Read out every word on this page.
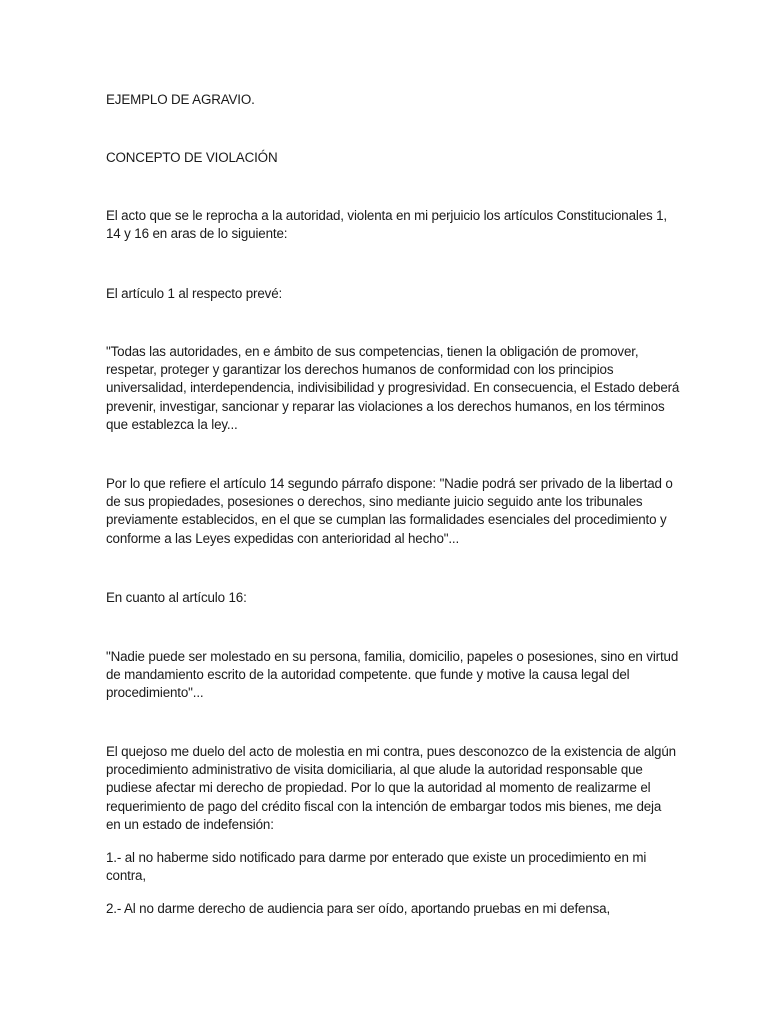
EJEMPLO DE AGRAVIO.

CONCEPTO DE VIOLACIÓN

El acto que se le reprocha a la autoridad, violenta en mi perjuicio los artículos Constitucionales 1,
14 y 16 en aras de lo siguiente:

El artículo 1 al respecto prevé:

"Todas las autoridades, en e ámbito de sus competencias, tienen la obligación de promover,
respetar, proteger y garantizar los derechos humanos de conformidad con los principios
universalidad, interdependencia, indivisibilidad y progresividad. En consecuencia, el Estado deberá
prevenir, investigar, sancionar y reparar las violaciones a los derechos humanos, en los términos
que establezca la ley...

Por lo que refiere el artículo 14 segundo párrafo dispone: "Nadie podrá ser privado de la libertad o
de sus propiedades, posesiones o derechos, sino mediante juicio seguido ante los tribunales
previamente establecidos, en el que se cumplan las formalidades esenciales del procedimiento y
conforme a las Leyes expedidas con anterioridad al hecho"...

En cuanto al artículo 16:

"Nadie puede ser molestado en su persona, familia, domicilio, papeles o posesiones, sino en virtud
de mandamiento escrito de la autoridad competente. que funde y motive la causa legal del
procedimiento"...

El quejoso me duelo del acto de molestia en mi contra, pues desconozco de la existencia de algún
procedimiento administrativo de visita domiciliaria, al que alude la autoridad responsable que
pudiese afectar mi derecho de propiedad. Por lo que la autoridad al momento de realizarme el
requerimiento de pago del crédito fiscal con la intención de embargar todos mis bienes, me deja
en un estado de indefensión:

1.- al no haberme sido notificado para darme por enterado que existe un procedimiento en mi
contra,

2.- Al no darme derecho de audiencia para ser oído, aportando pruebas en mi defensa,
